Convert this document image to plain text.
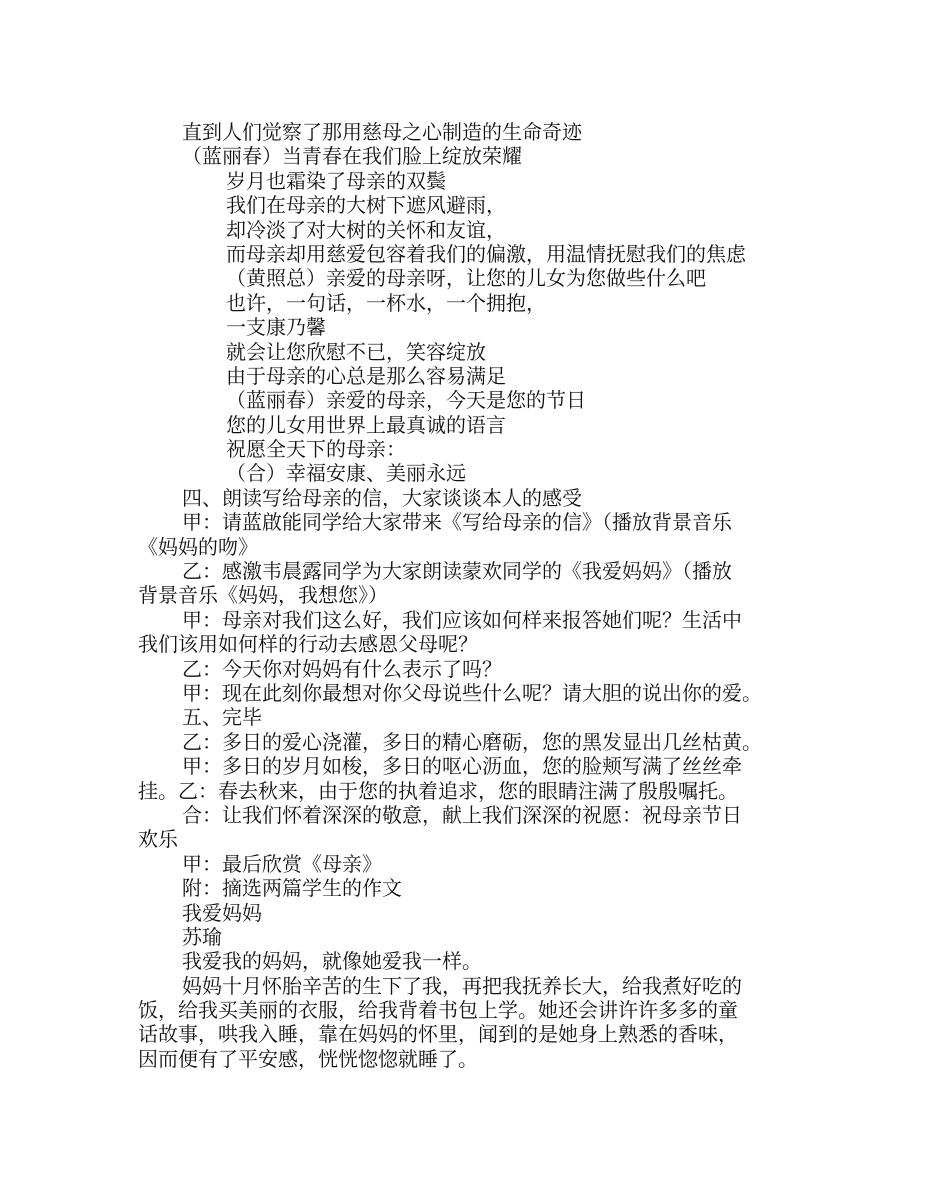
直到人们觉察了那用慈母之心制造的生命奇迹
（蓝丽春）当青春在我们脸上绽放荣耀
岁月也霜染了母亲的双鬓
我们在母亲的大树下遮风避雨，
却冷淡了对大树的关怀和友谊，
而母亲却用慈爱包容着我们的偏激，用温情抚慰我们的焦虑
（黄照总）亲爱的母亲呀，让您的儿女为您做些什么吧
也许，一句话，一杯水，一个拥抱，
一支康乃馨
就会让您欣慰不已，笑容绽放
由于母亲的心总是那么容易满足
（蓝丽春）亲爱的母亲，今天是您的节日
您的儿女用世界上最真诚的语言
祝愿全天下的母亲：
（合）幸福安康、美丽永远
四、朗读写给母亲的信，大家谈谈本人的感受
甲：请蓝啟能同学给大家带来《写给母亲的信》（播放背景音乐
《妈妈的吻》
乙：感激韦晨露同学为大家朗读蒙欢同学的《我爱妈妈》（播放
背景音乐《妈妈，我想您》）
甲：母亲对我们这么好，我们应该如何样来报答她们呢？生活中
我们该用如何样的行动去感恩父母呢？
乙：今天你对妈妈有什么表示了吗？
甲：现在此刻你最想对你父母说些什么呢？请大胆的说出你的爱。
五、完毕
乙：多日的爱心浇灌，多日的精心磨砺，您的黑发显出几丝枯黄。
甲：多日的岁月如梭，多日的呕心沥血，您的脸颊写满了丝丝牵
挂。乙：春去秋来，由于您的执着追求，您的眼睛注满了殷殷嘱托。
合：让我们怀着深深的敬意，献上我们深深的祝愿：祝母亲节日
欢乐
甲：最后欣赏《母亲》
附：摘选两篇学生的作文
我爱妈妈
苏瑜
我爱我的妈妈，就像她爱我一样。
妈妈十月怀胎辛苦的生下了我，再把我抚养长大，给我煮好吃的
饭，给我买美丽的衣服，给我背着书包上学。她还会讲许许多多的童
话故事，哄我入睡，靠在妈妈的怀里，闻到的是她身上熟悉的香味，
因而便有了平安感，恍恍惚惚就睡了。
